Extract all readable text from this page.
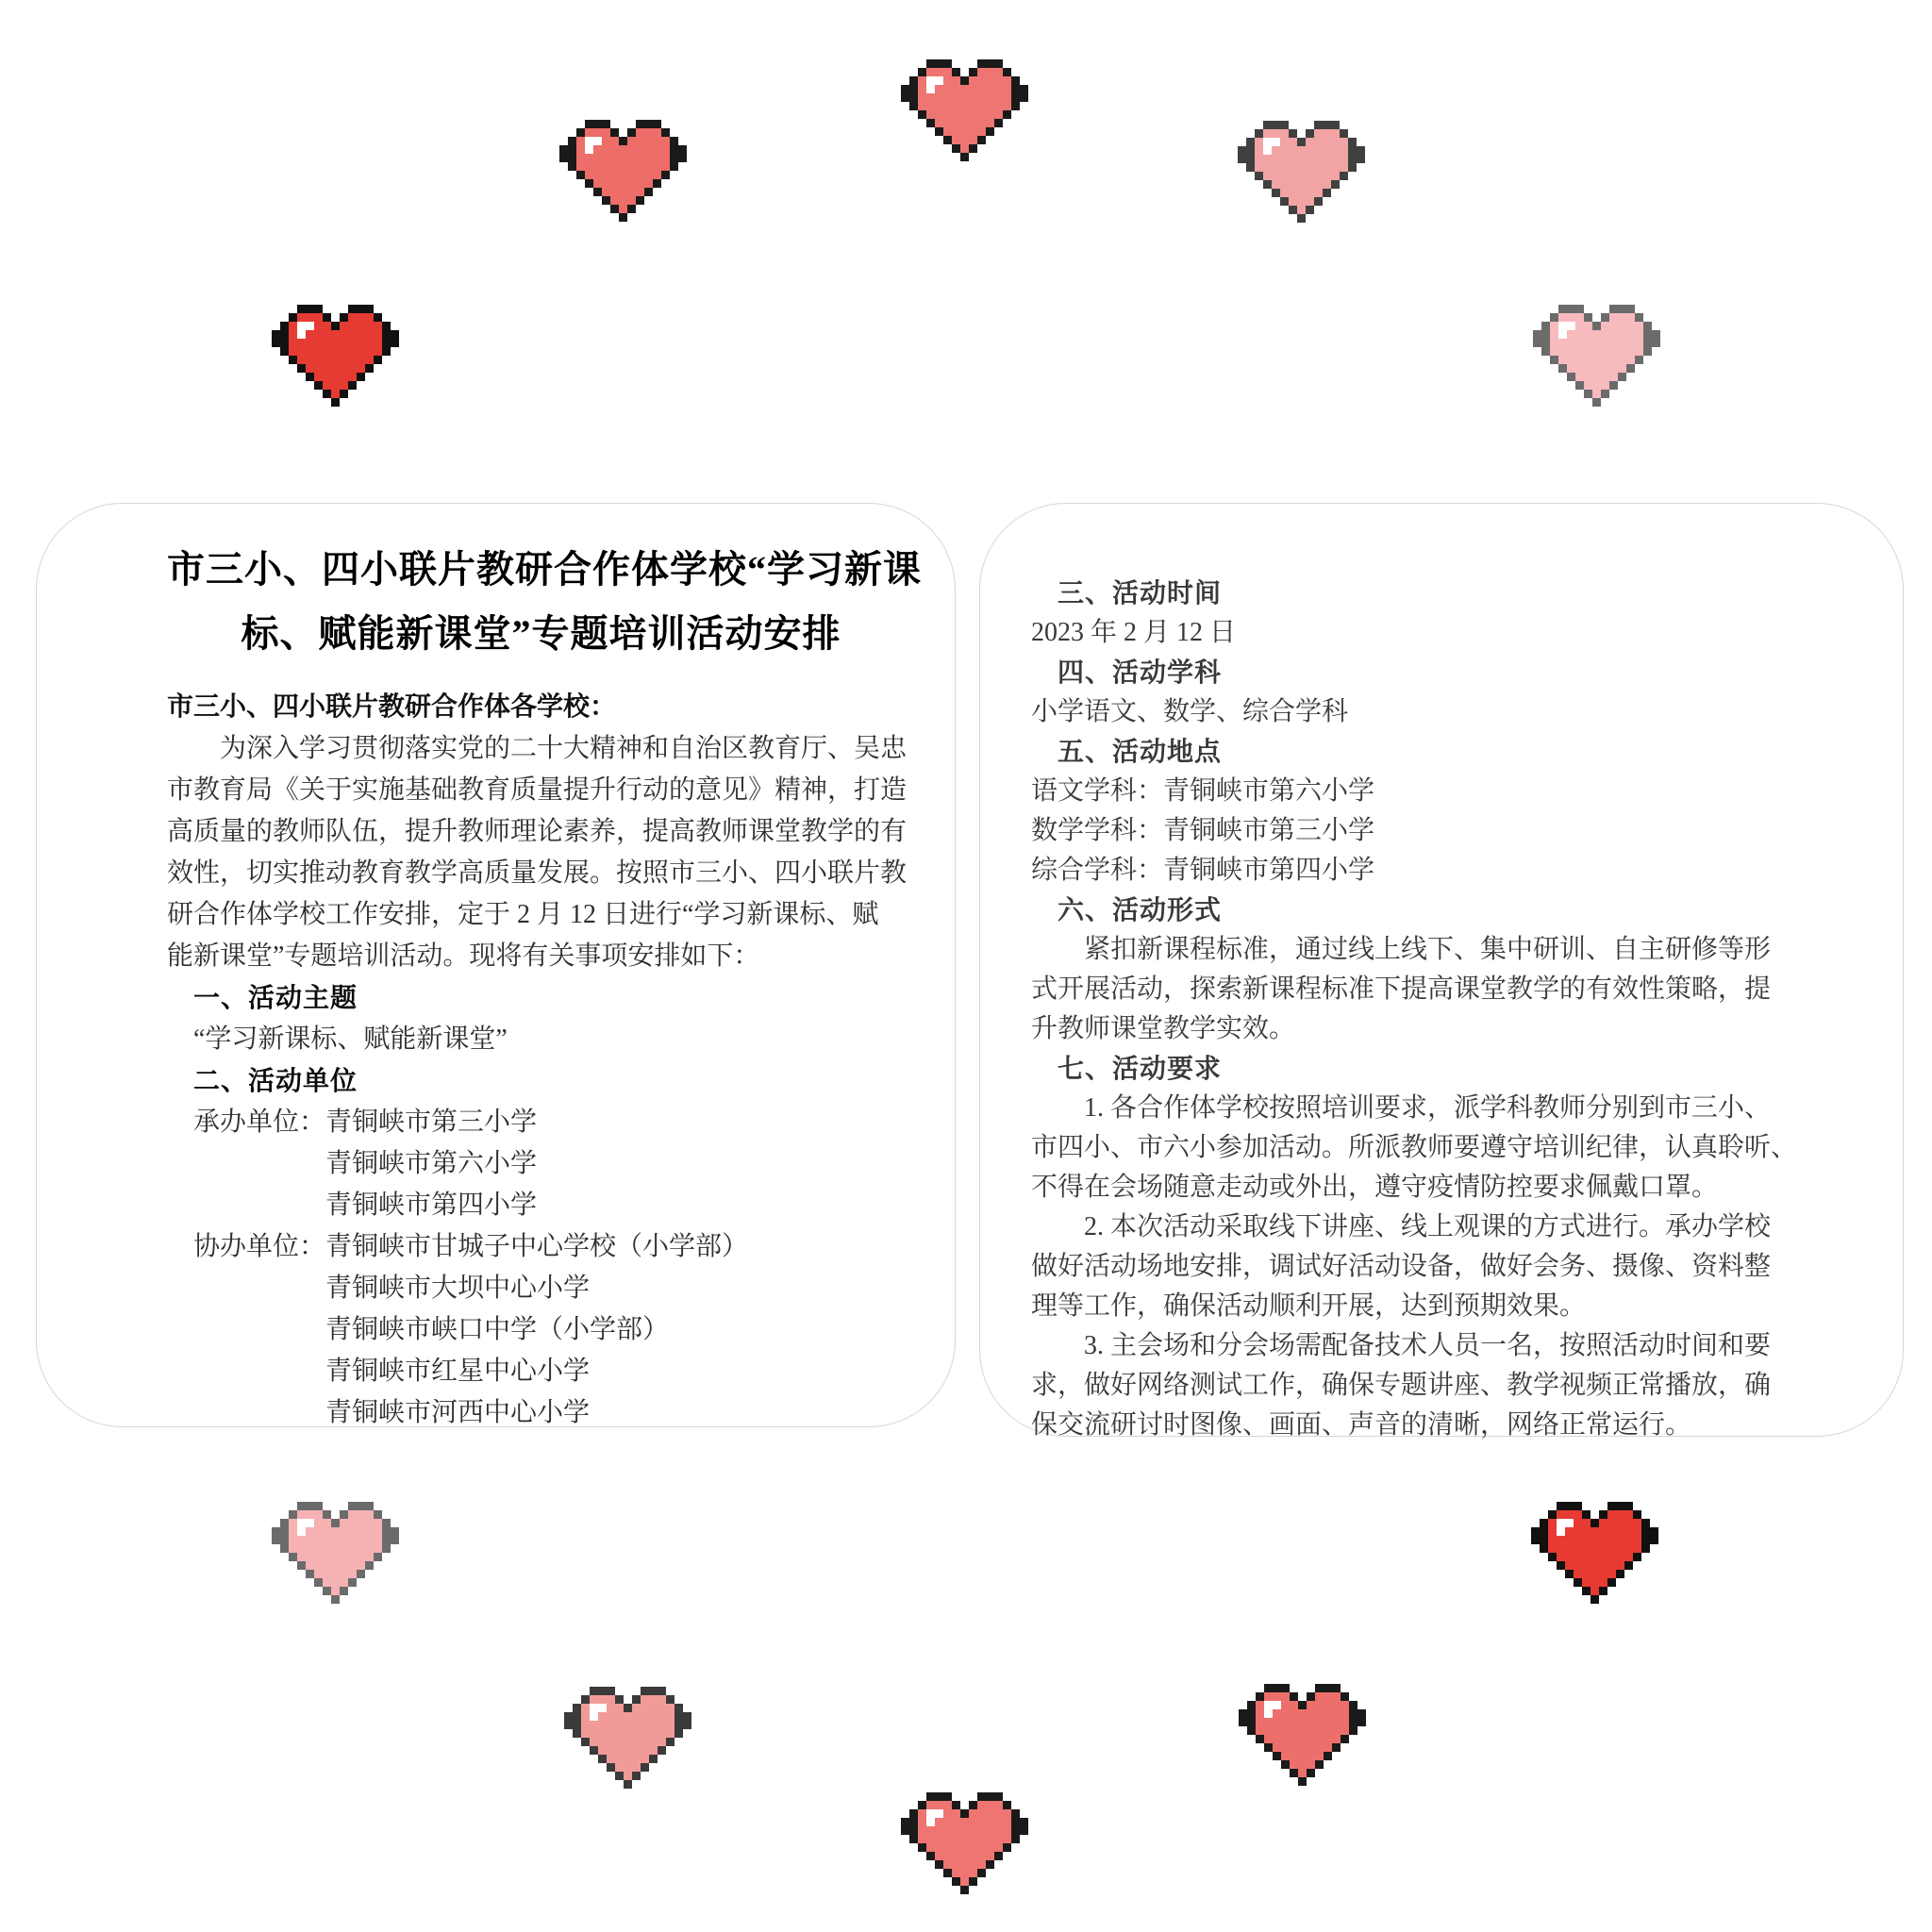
市三小、四小联片教研合作体学校“学习新课
标、赋能新课堂”专题培训活动安排

市三小、四小联片教研合作体各学校：

为深入学习贯彻落实党的二十大精神和自治区教育厅、吴忠
市教育局《关于实施基础教育质量提升行动的意见》精神，打造
高质量的教师队伍，提升教师理论素养，提高教师课堂教学的有
效性，切实推动教育教学高质量发展。按照市三小、四小联片教
研合作体学校工作安排，定于 2 月 12 日进行“学习新课标、赋
能新课堂”专题培训活动。现将有关事项安排如下：
一、活动主题
“学习新课标、赋能新课堂”
二、活动单位
承办单位： 青铜峡市第三小学
青铜峡市第六小学
青铜峡市第四小学
协办单位： 青铜峡市甘城子中心学校（小学部）
青铜峡市大坝中心小学
青铜峡市峡口中学（小学部）
青铜峡市红星中心小学
青铜峡市河西中心小学
三、活动时间
2023 年 2 月 12 日
四、活动学科
小学语文、数学、综合学科
五、活动地点
语文学科：青铜峡市第六小学
数学学科：青铜峡市第三小学
综合学科：青铜峡市第四小学
六、活动形式
紧扣新课程标准，通过线上线下、集中研训、自主研修等形
式开展活动，探索新课程标准下提高课堂教学的有效性策略，提
升教师课堂教学实效。
七、活动要求
1. 各合作体学校按照培训要求，派学科教师分别到市三小、
市四小、市六小参加活动。所派教师要遵守培训纪律，认真聆听、
不得在会场随意走动或外出，遵守疫情防控要求佩戴口罩。
2. 本次活动采取线下讲座、线上观课的方式进行。承办学校
做好活动场地安排，调试好活动设备，做好会务、摄像、资料整
理等工作，确保活动顺利开展，达到预期效果。
3. 主会场和分会场需配备技术人员一名，按照活动时间和要
求，做好网络测试工作，确保专题讲座、教学视频正常播放，确
保交流研讨时图像、画面、声音的清晰，网络正常运行。
